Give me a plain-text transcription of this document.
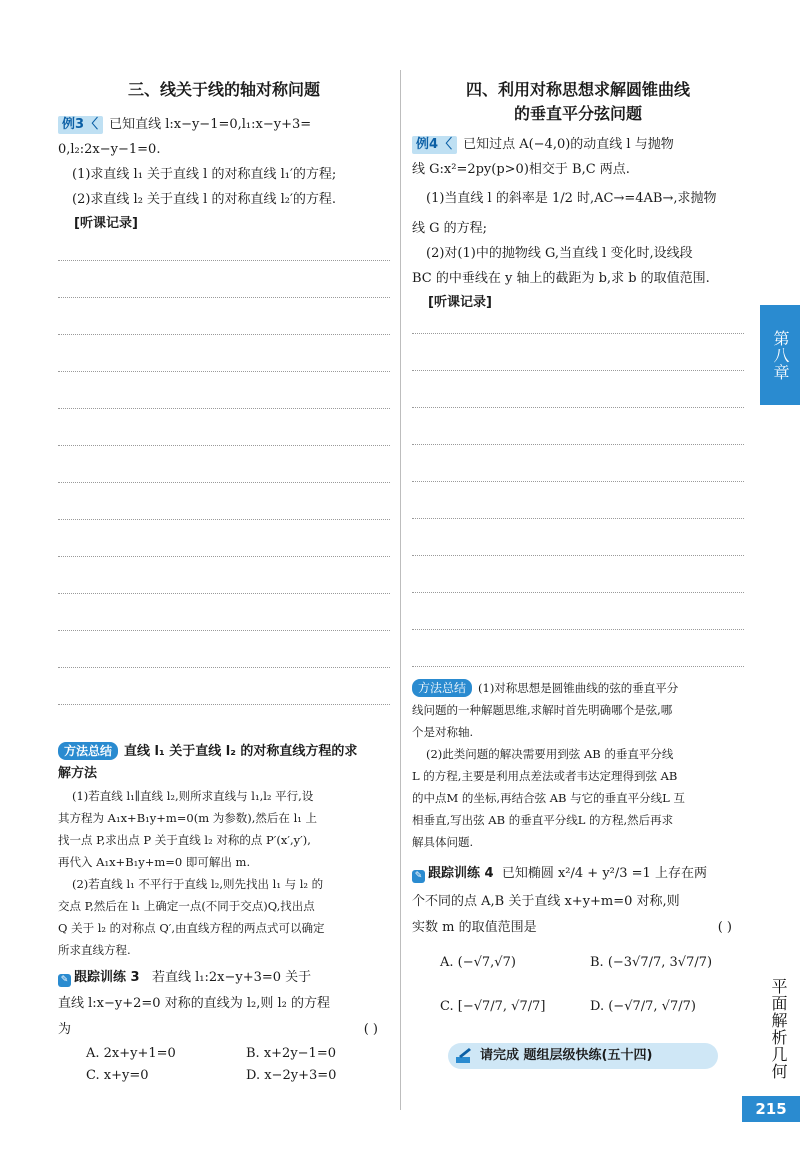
三、线关于线的轴对称问题
例3 〈 已知直线 l:x−y−1=0,l₁:x−y+3=
0,l₂:2x−y−1=0.
(1)求直线 l₁ 关于直线 l 的对称直线 l₁′的方程;
(2)求直线 l₂ 关于直线 l 的对称直线 l₂′的方程.
[听课记录]
方法总结 直线 l₁ 关于直线 l₂ 的对称直线方程的求
解方法
(1)若直线 l₁∥直线 l₂,则所求直线与 l₁,l₂ 平行,设
其方程为 A₁x+B₁y+m=0(m 为参数),然后在 l₁ 上
找一点 P,求出点 P 关于直线 l₂ 对称的点 P′(x′,y′),
再代入 A₁x+B₁y+m=0 即可解出 m.
(2)若直线 l₁ 不平行于直线 l₂,则先找出 l₁ 与 l₂ 的
交点 P,然后在 l₁ 上确定一点(不同于交点)Q,找出点
Q 关于 l₂ 的对称点 Q′,由直线方程的两点式可以确定
所求直线方程.
✎ 跟踪训练 3 若直线 l₁:2x−y+3=0 关于
直线 l:x−y+2=0 对称的直线为 l₂,则 l₂ 的方程
为	( )
A. 2x+y+1=0	B. x+2y−1=0
C. x+y=0	D. x−2y+3=0
四、利用对称思想求解圆锥曲线
的垂直平分弦问题
例4 〈 已知过点 A(−4,0)的动直线 l 与抛物
线 G:x²=2py(p>0)相交于 B,C 两点.
(1)当直线 l 的斜率是 1/2 时,AC→=4AB→,求抛物
线 G 的方程;
(2)对(1)中的抛物线 G,当直线 l 变化时,设线段
BC 的中垂线在 y 轴上的截距为 b,求 b 的取值范围.
[听课记录]
方法总结 (1)对称思想是圆锥曲线的弦的垂直平分
线问题的一种解题思维,求解时首先明确哪个是弦,哪
个是对称轴.
(2)此类问题的解决需要用到弦 AB 的垂直平分线
L 的方程,主要是利用点差法或者韦达定理得到弦 AB
的中点M 的坐标,再结合弦 AB 与它的垂直平分线L 互
相垂直,写出弦 AB 的垂直平分线L 的方程,然后再求
解具体问题.
✎ 跟踪训练 4 已知椭圆 x²/4 + y²/3 =1 上存在两
个不同的点 A,B 关于直线 x+y+m=0 对称,则
实数 m 的取值范围是	( )
A. (−√7,√7)	B. (−3√7/7, 3√7/7)
C. [−√7/7, √7/7]	D. (−√7/7, √7/7)
请完成 题组层级快练(五十四)
第八章
平面解析几何
215
